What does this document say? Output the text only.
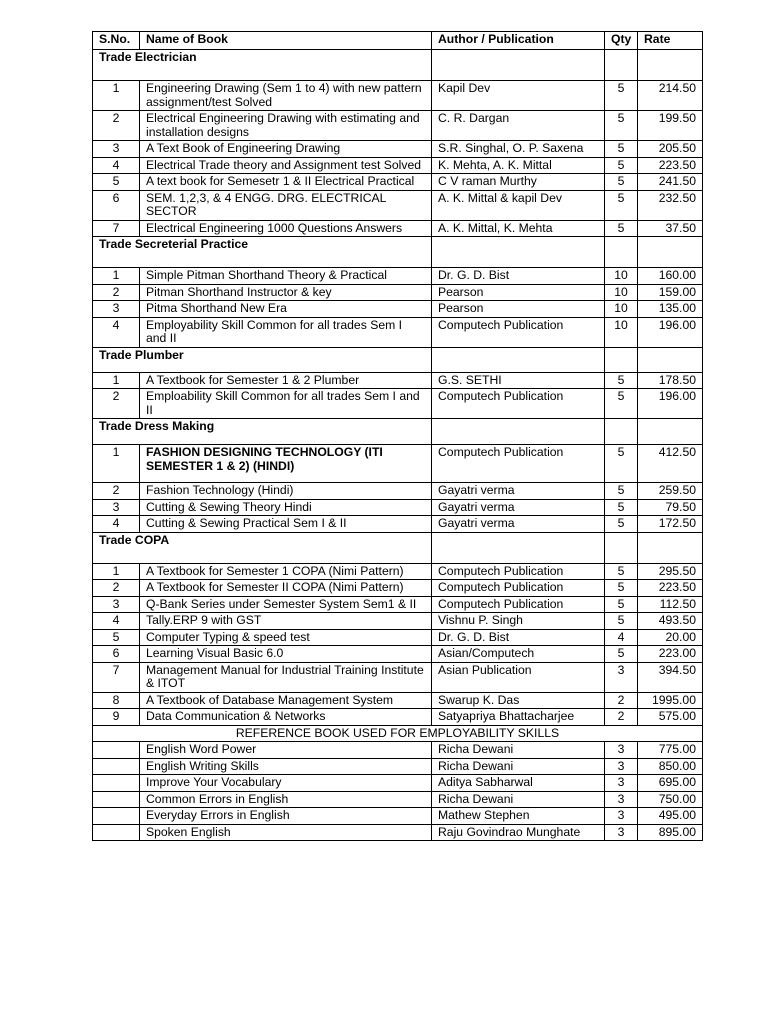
S.No.	Name of Book	Author / Publication	Qty	Rate
Trade Electrician				
1	Engineering Drawing (Sem 1 to 4) with new pattern assignment/test Solved	Kapil Dev	5	214.50
2	Electrical Engineering Drawing with estimating and installation designs	C. R. Dargan	5	199.50
3	A Text Book of Engineering Drawing	S.R. Singhal, O. P. Saxena	5	205.50
4	Electrical Trade theory and Assignment test Solved	K. Mehta, A. K. Mittal	5	223.50
5	A text book for Semesetr 1 & II Electrical Practical	C V raman Murthy	5	241.50
6	SEM. 1,2,3, & 4 ENGG. DRG. ELECTRICAL SECTOR	A. K. Mittal & kapil Dev	5	232.50
7	Electrical Engineering 1000 Questions Answers	A. K. Mittal, K. Mehta	5	37.50
Trade Secreterial Practice				
1	Simple Pitman Shorthand Theory & Practical	Dr. G. D. Bist	10	160.00
2	Pitman Shorthand Instructor & key	Pearson	10	159.00
3	Pitma Shorthand New Era	Pearson	10	135.00
4	Employability Skill Common for all trades Sem I and II	Computech Publication	10	196.00
Trade Plumber				
1	A Textbook for Semester 1 & 2 Plumber	G.S. SETHI	5	178.50
2	Emploability Skill Common for all trades Sem I and II	Computech Publication	5	196.00
Trade Dress Making				
1	FASHION DESIGNING TECHNOLOGY (ITI SEMESTER 1 & 2) (HINDI)	Computech Publication	5	412.50
2	Fashion Technology (Hindi)	Gayatri verma	5	259.50
3	Cutting & Sewing Theory Hindi	Gayatri verma	5	79.50
4	Cutting & Sewing Practical Sem I & II	Gayatri verma	5	172.50
Trade COPA				
1	A Textbook for Semester 1 COPA (Nimi Pattern)	Computech Publication	5	295.50
2	A Textbook for Semester II COPA (Nimi Pattern)	Computech Publication	5	223.50
3	Q-Bank Series under Semester System Sem1 & II	Computech Publication	5	112.50
4	Tally.ERP 9 with GST	Vishnu P. Singh	5	493.50
5	Computer Typing & speed test	Dr. G. D. Bist	4	20.00
6	Learning Visual Basic 6.0	Asian/Computech	5	223.00
7	Management Manual for Industrial Training Institute & ITOT	Asian Publication	3	394.50
8	A Textbook of Database Management System	Swarup K. Das	2	1995.00
9	Data Communication & Networks	Satyapriya Bhattacharjee	2	575.00
REFERENCE BOOK USED FOR EMPLOYABILITY SKILLS				
	English Word Power	Richa Dewani	3	775.00
	English Writing Skills	Richa Dewani	3	850.00
	Improve Your Vocabulary	Aditya Sabharwal	3	695.00
	Common Errors in English	Richa Dewani	3	750.00
	Everyday Errors in English	Mathew Stephen	3	495.00
	Spoken English	Raju Govindrao Munghate	3	895.00
